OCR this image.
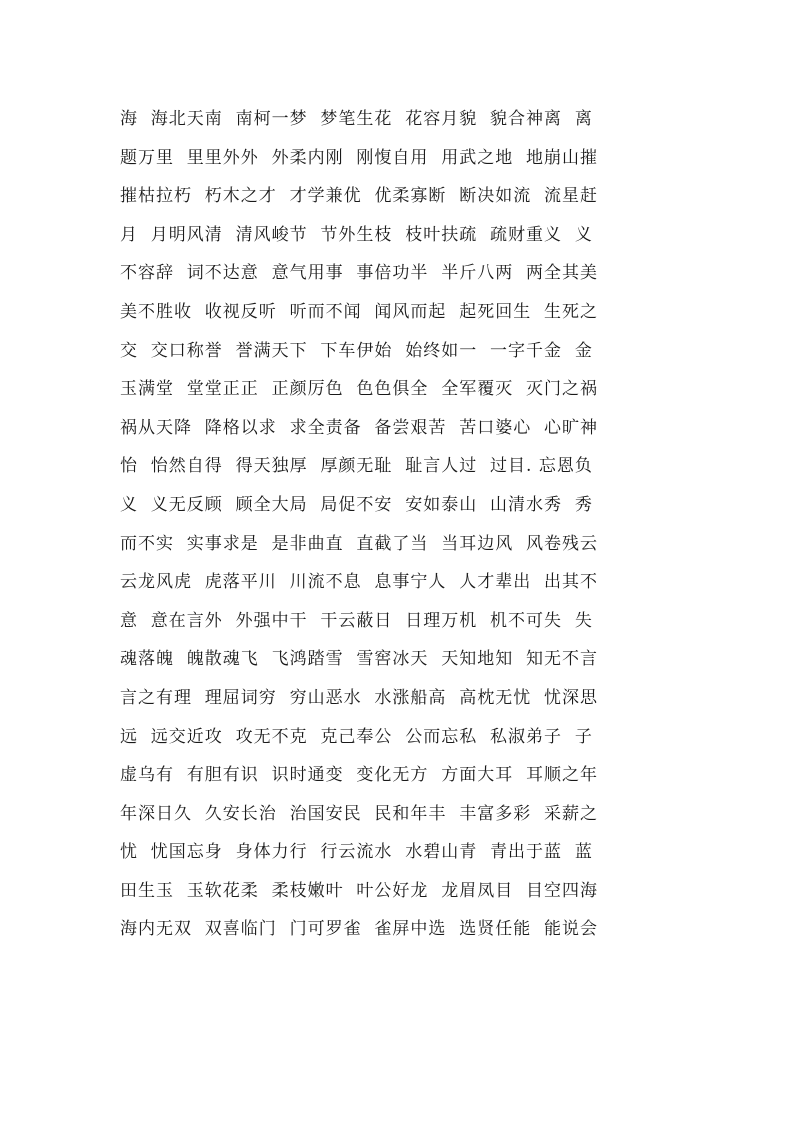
海  海北天南  南柯一梦  梦笔生花  花容月貌  貌合神离  离
题万里  里里外外  外柔内刚  刚愎自用  用武之地  地崩山摧
摧枯拉朽  朽木之才  才学兼优  优柔寡断  断决如流  流星赶
月  月明风清  清风峻节  节外生枝  枝叶扶疏  疏财重义  义
不容辞  词不达意  意气用事  事倍功半  半斤八两  两全其美
美不胜收  收视反听  听而不闻  闻风而起  起死回生  生死之
交  交口称誉  誉满天下  下车伊始  始终如一  一字千金  金
玉满堂  堂堂正正  正颜厉色  色色俱全  全军覆灭  灭门之祸
祸从天降  降格以求  求全责备  备尝艰苦  苦口婆心  心旷神
怡  怡然自得  得天独厚  厚颜无耻  耻言人过  过目. 忘恩负
义  义无反顾  顾全大局  局促不安  安如泰山  山清水秀  秀
而不实  实事求是  是非曲直  直截了当  当耳边风  风卷残云
云龙风虎  虎落平川  川流不息  息事宁人  人才辈出  出其不
意  意在言外  外强中干  干云蔽日  日理万机  机不可失  失
魂落魄  魄散魂飞  飞鸿踏雪  雪窖冰天  天知地知  知无不言
言之有理  理屈词穷  穷山恶水  水涨船高  高枕无忧  忧深思
远  远交近攻  攻无不克  克己奉公  公而忘私  私淑弟子  子
虚乌有  有胆有识  识时通变  变化无方  方面大耳  耳顺之年
年深日久  久安长治  治国安民  民和年丰  丰富多彩  采薪之
忧  忧国忘身  身体力行  行云流水  水碧山青  青出于蓝  蓝
田生玉  玉软花柔  柔枝嫩叶  叶公好龙  龙眉凤目  目空四海
海内无双  双喜临门  门可罗雀  雀屏中选  选贤任能  能说会
